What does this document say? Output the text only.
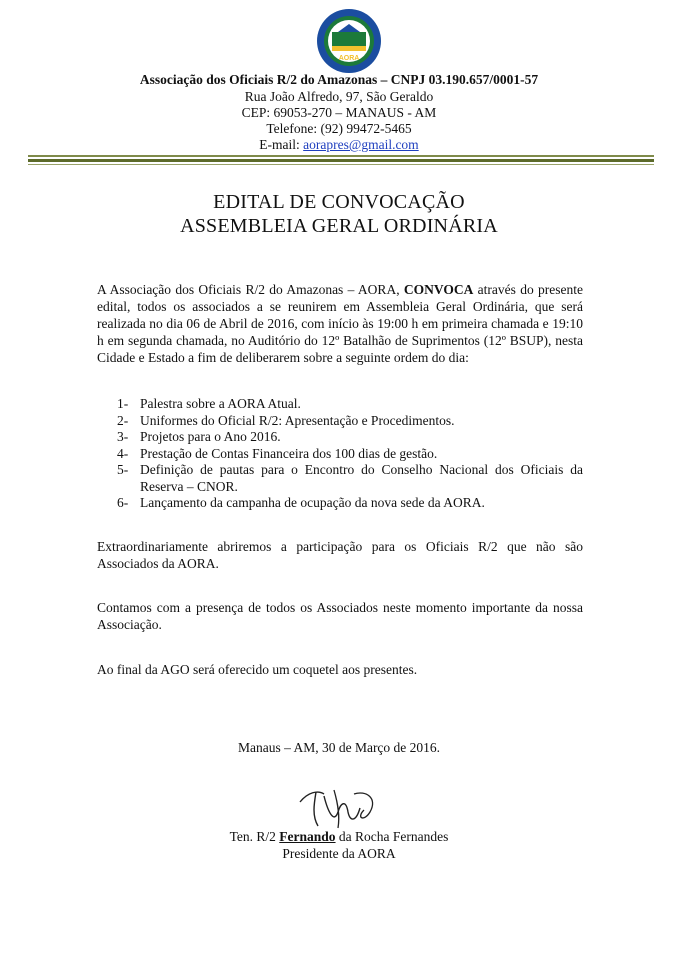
AORA
Associação dos Oficiais R/2 do Amazonas – CNPJ 03.190.657/0001-57
Rua João Alfredo, 97, São Geraldo
CEP: 69053-270 – MANAUS - AM
Telefone: (92) 99472-5465
E-mail: aorapres@gmail.com
EDITAL DE CONVOCAÇÃO
ASSEMBLEIA GERAL ORDINÁRIA
A Associação dos Oficiais R/2 do Amazonas – AORA, CONVOCA através do presente edital, todos os associados a se reunirem em Assembleia Geral Ordinária, que será realizada no dia 06 de Abril de 2016, com início às 19:00 h em primeira chamada e 19:10 h em segunda chamada, no Auditório do 12º Batalhão de Suprimentos (12º BSUP), nesta Cidade e Estado a fim de deliberarem sobre a seguinte ordem do dia:
1- Palestra sobre a AORA Atual.
2- Uniformes do Oficial R/2: Apresentação e Procedimentos.
3- Projetos para o Ano 2016.
4- Prestação de Contas Financeira dos 100 dias de gestão.
5- Definição de pautas para o Encontro do Conselho Nacional dos Oficiais da Reserva – CNOR.
6- Lançamento da campanha de ocupação da nova sede da AORA.
Extraordinariamente abriremos a participação para os Oficiais R/2 que não são Associados da AORA.
Contamos com a presença de todos os Associados neste momento importante da nossa Associação.
Ao final da AGO será oferecido um coquetel aos presentes.
Manaus – AM, 30 de Março de 2016.
Ten. R/2 Fernando da Rocha Fernandes
Presidente da AORA
